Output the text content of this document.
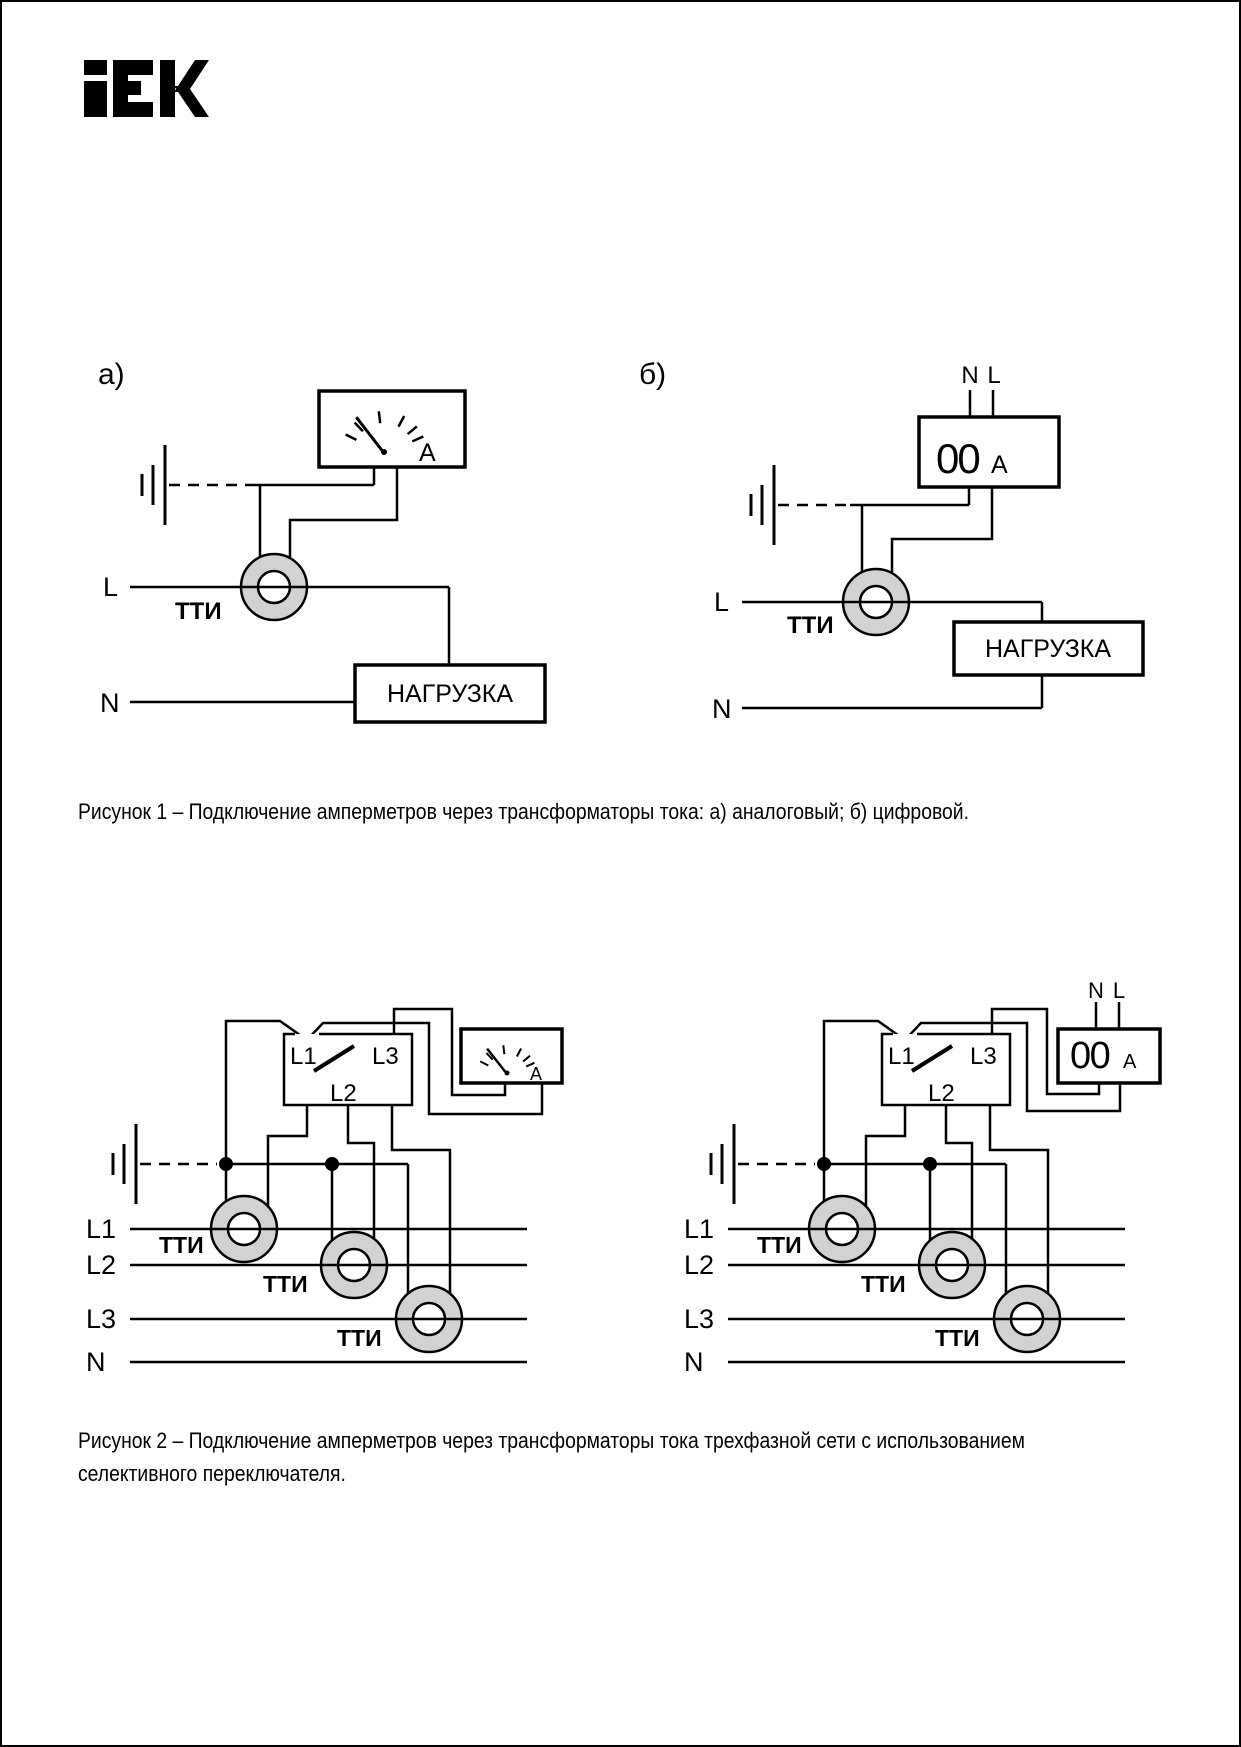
а)
А
НАГРУЗКА
L
N
ТТИ
б)	N L
00 А
НАГРУЗКА
L
N
ТТИ
L1 L3
L2
А
L1
L2
L3
N
ТТИ
ТТИ
ТТИ
L1 L3
L2
N L
00 А
L1
L2
L3
N
ТТИ
ТТИ
ТТИ
Рисунок 1 – Подключение амперметров через трансформаторы тока: а) аналоговый; б) цифровой.
Рисунок 2 – Подключение амперметров через трансформаторы тока трехфазной сети с использованием
селективного переключателя.
